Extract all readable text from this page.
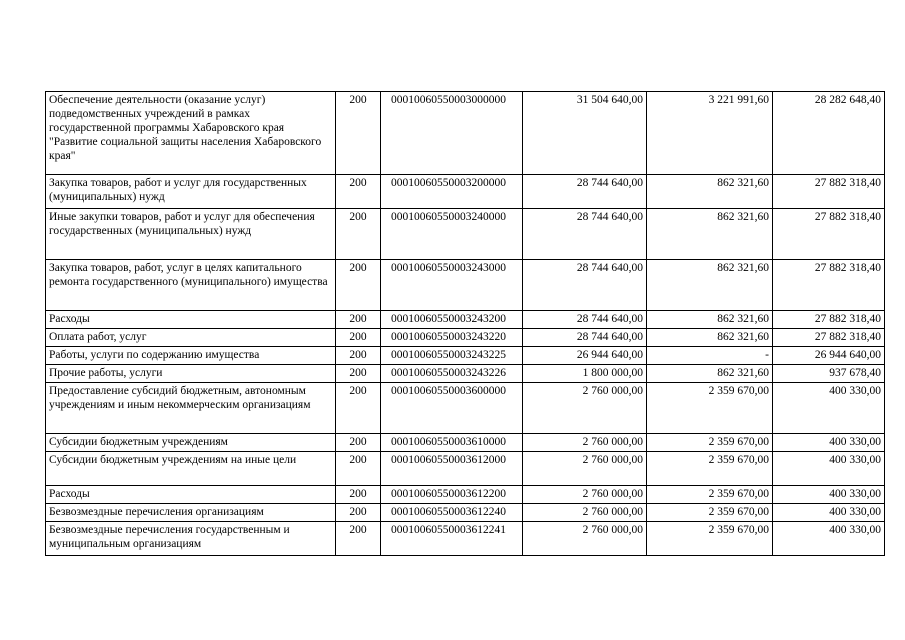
Обеспечение деятельности (оказание услуг) подведомственных учреждений в рамках государственной программы Хабаровского края "Развитие социальной защиты населения Хабаровского края"	200	00010060550003000000	31 504 640,00	3 221 991,60	28 282 648,40
Закупка товаров, работ и услуг для государственных (муниципальных) нужд	200	00010060550003200000	28 744 640,00	862 321,60	27 882 318,40
Иные закупки товаров, работ и услуг для обеспечения государственных (муниципальных) нужд	200	00010060550003240000	28 744 640,00	862 321,60	27 882 318,40
Закупка товаров, работ, услуг в целях капитального ремонта государственного (муниципального) имущества	200	00010060550003243000	28 744 640,00	862 321,60	27 882 318,40
Расходы	200	00010060550003243200	28 744 640,00	862 321,60	27 882 318,40
Оплата работ, услуг	200	00010060550003243220	28 744 640,00	862 321,60	27 882 318,40
Работы, услуги по содержанию имущества	200	00010060550003243225	26 944 640,00	-	26 944 640,00
Прочие работы, услуги	200	00010060550003243226	1 800 000,00	862 321,60	937 678,40
Предоставление субсидий бюджетным, автономным учреждениям и иным некоммерческим организациям	200	00010060550003600000	2 760 000,00	2 359 670,00	400 330,00
Субсидии бюджетным учреждениям	200	00010060550003610000	2 760 000,00	2 359 670,00	400 330,00
Субсидии бюджетным учреждениям на иные цели	200	00010060550003612000	2 760 000,00	2 359 670,00	400 330,00
Расходы	200	00010060550003612200	2 760 000,00	2 359 670,00	400 330,00
Безвозмездные перечисления организациям	200	00010060550003612240	2 760 000,00	2 359 670,00	400 330,00
Безвозмездные перечисления государственным и муниципальным организациям	200	00010060550003612241	2 760 000,00	2 359 670,00	400 330,00
